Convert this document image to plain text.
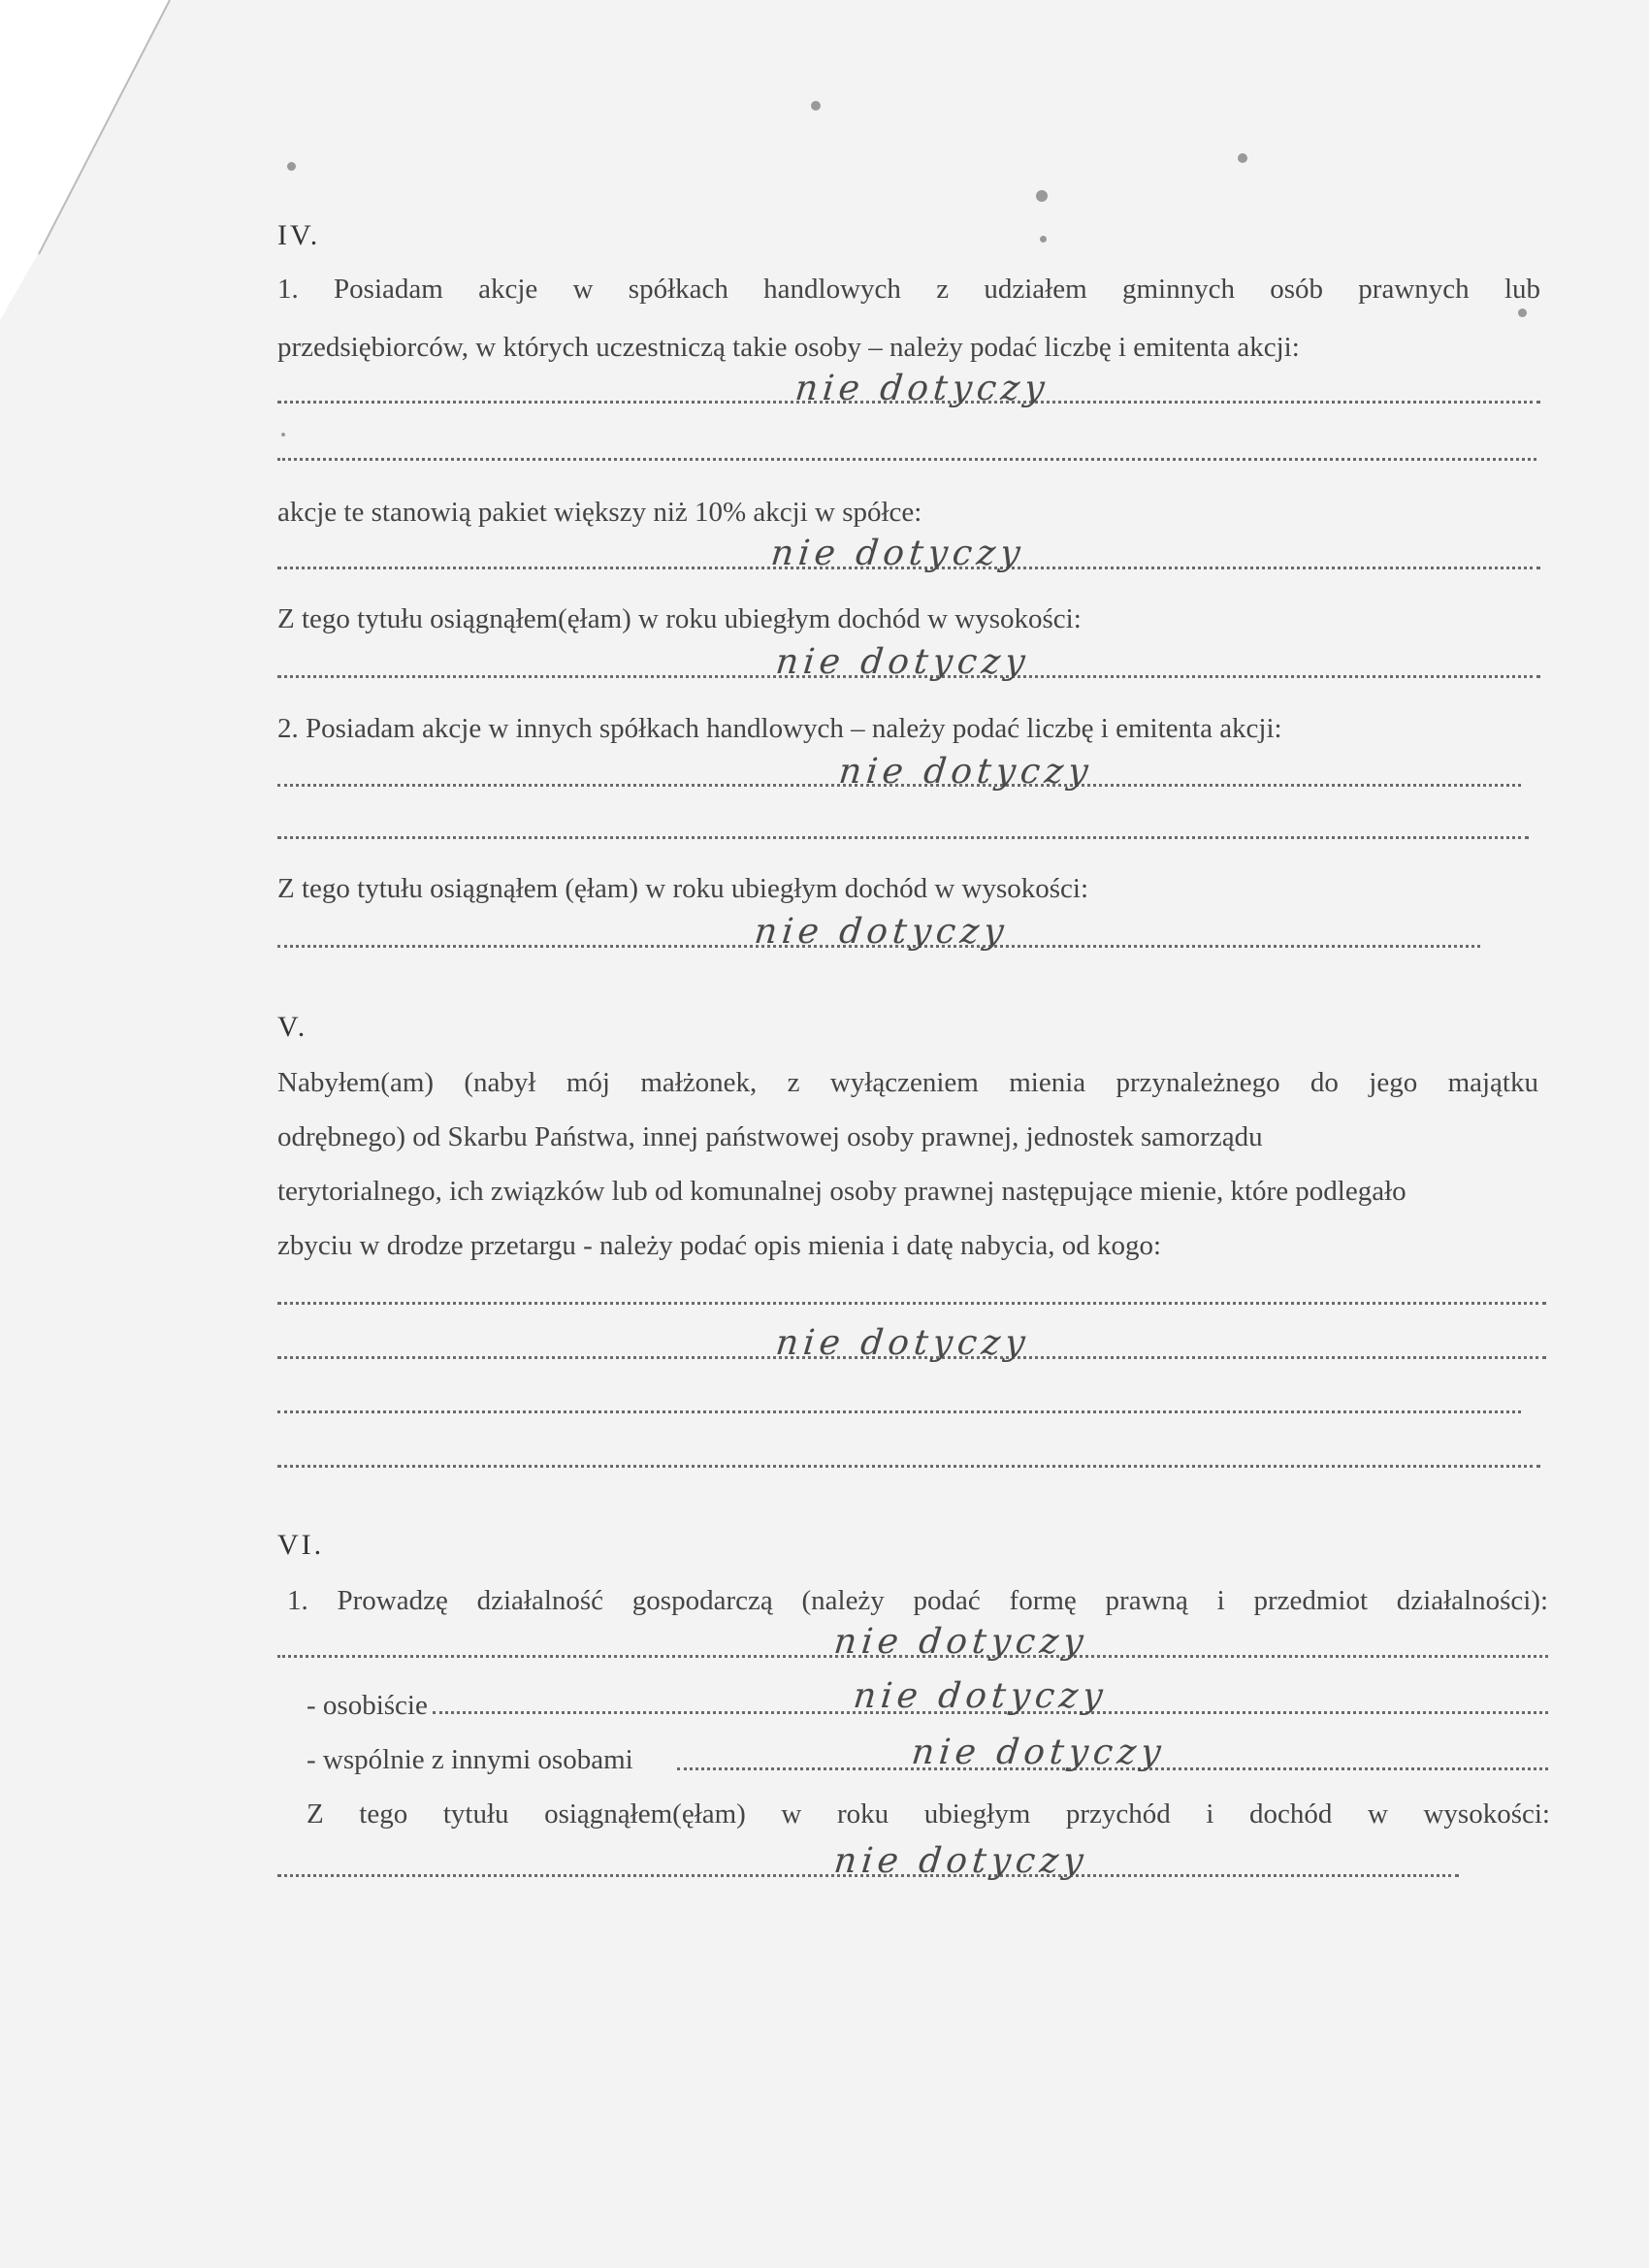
IV.
1. Posiadam akcje w spółkach handlowych z udziałem gminnych osób prawnych lub
przedsiębiorców, w których uczestniczą takie osoby – należy podać liczbę i emitenta akcji:
nie dotyczy
akcje te stanowią pakiet większy niż 10% akcji w spółce:
nie dotyczy
Z tego tytułu osiągnąłem(ęłam) w roku ubiegłym dochód w wysokości:
nie dotyczy
2. Posiadam akcje w innych spółkach handlowych – należy podać liczbę i emitenta akcji:
nie dotyczy
Z tego tytułu osiągnąłem (ęłam) w roku ubiegłym dochód w wysokości:
nie dotyczy
V.
Nabyłem(am) (nabył mój małżonek, z wyłączeniem mienia przynależnego do jego majątku
odrębnego) od Skarbu Państwa, innej państwowej osoby prawnej, jednostek samorządu
terytorialnego, ich związków lub od komunalnej osoby prawnej następujące mienie, które podlegało
zbyciu w drodze przetargu - należy podać opis mienia i datę nabycia, od kogo:
nie dotyczy
VI.
1. Prowadzę działalność gospodarczą (należy podać formę prawną i przedmiot działalności):
nie dotyczy
- osobiście	nie dotyczy
- wspólnie z innymi osobami	nie dotyczy
Z tego tytułu osiągnąłem(ęłam) w roku ubiegłym przychód i dochód w wysokości:
nie dotyczy
